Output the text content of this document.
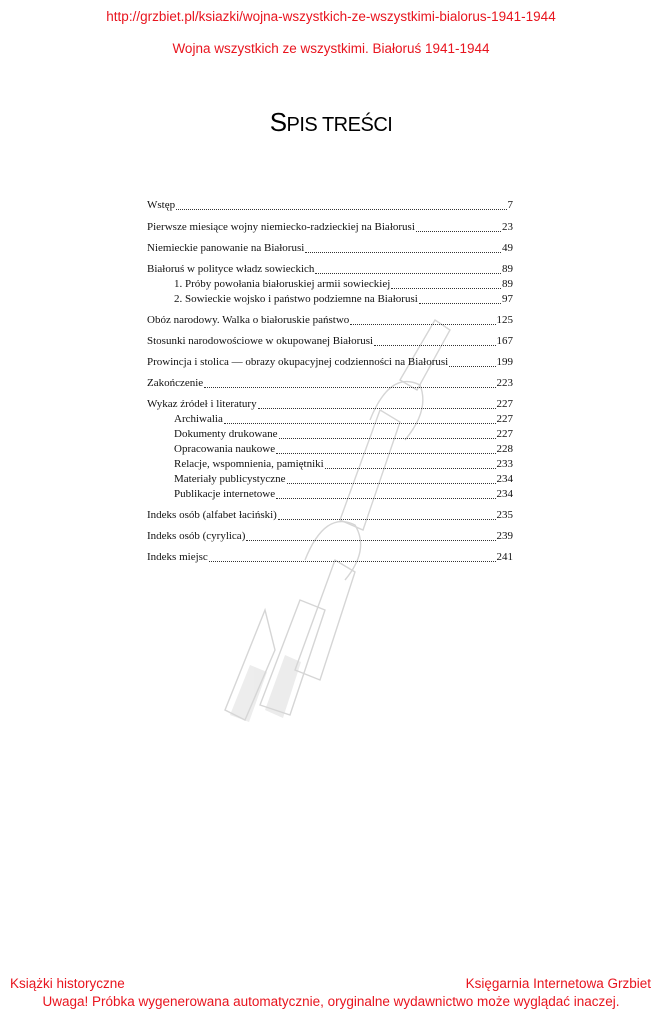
http://grzbiet.pl/ksiazki/wojna-wszystkich-ze-wszystkimi-bialorus-1941-1944
Wojna wszystkich ze wszystkimi. Białoruś 1941-1944
SPIS TREŚCI
Wstęp	7
Pierwsze miesiące wojny niemiecko-radzieckiej na Białorusi	23
Niemieckie panowanie na Białorusi	49
Białoruś w polityce władz sowieckich	89
1. Próby powołania białoruskiej armii sowieckiej	89
2. Sowieckie wojsko i państwo podziemne na Białorusi	97
Obóz narodowy. Walka o białoruskie państwo	125
Stosunki narodowościowe w okupowanej Białorusi	167
Prowincja i stolica — obrazy okupacyjnej codzienności na Białorusi	199
Zakończenie	223
Wykaz źródeł i literatury	227
Archiwalia	227
Dokumenty drukowane	227
Opracowania naukowe	228
Relacje, wspomnienia, pamiętniki	233
Materiały publicystyczne	234
Publikacje internetowe	234
Indeks osób (alfabet łaciński)	235
Indeks osób (cyrylica)	239
Indeks miejsc	241
Książki historyczne	Księgarnia Internetowa Grzbiet
Uwaga! Próbka wygenerowana automatycznie, oryginalne wydawnictwo może wyglądać inaczej.
